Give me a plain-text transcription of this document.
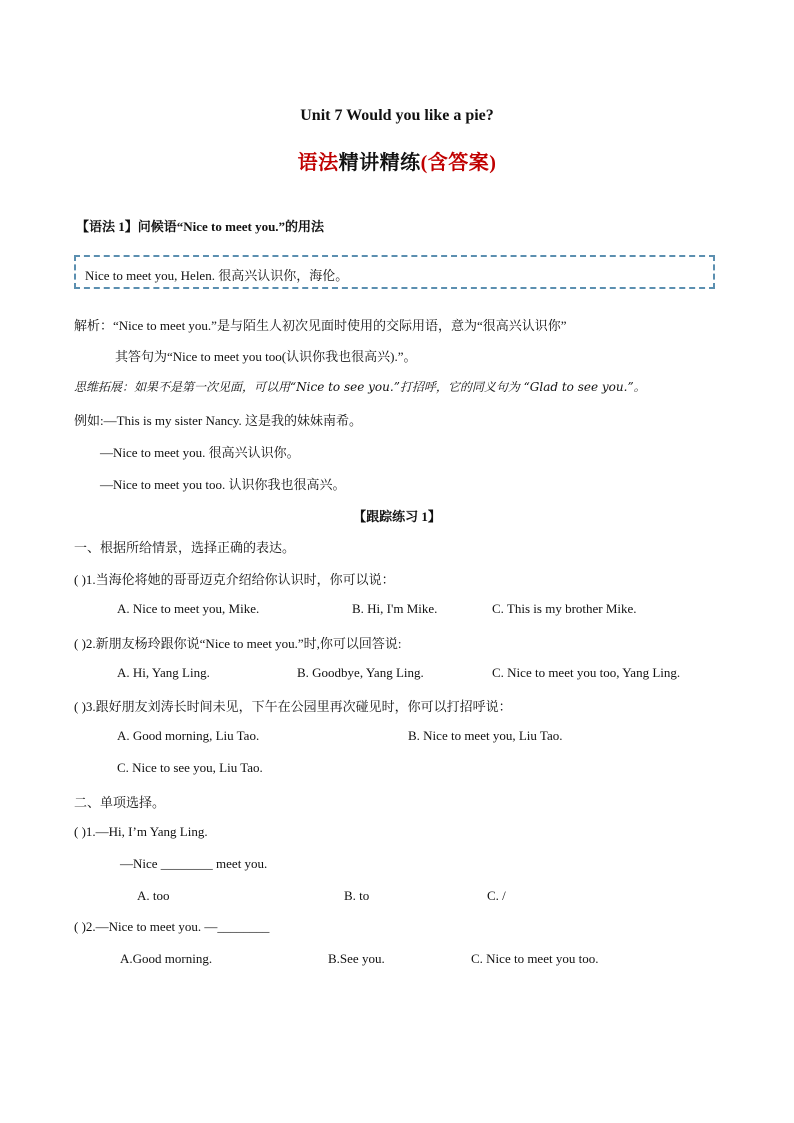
Unit 7 Would you like a pie?
语法精讲精练(含答案)
【语法 1】问候语“Nice to meet you.”的用法
Nice to meet you, Helen. 很高兴认识你，海伦。
解析：“Nice to meet you.”是与陌生人初次见面时使用的交际用语，意为“很高兴认识你”
其答句为“Nice to meet you too(认识你我也很高兴).”。
思维拓展：如果不是第一次见面，可以用“Nice to see you.”打招呼，它的同义句为 “Glad to see you.”。
例如:—This is my sister Nancy. 这是我的妹妹南希。
—Nice to meet you. 很高兴认识你。
—Nice to meet you too. 认识你我也很高兴。
【跟踪练习 1】
一、根据所给情景，选择正确的表达。
( )1.当海伦将她的哥哥迈克介绍给你认识时，你可以说：
A. Nice to meet you, Mike.	B. Hi, I'm Mike.	C. This is my brother Mike.
( )2.新朋友杨玲跟你说“Nice to meet you.”时,你可以回答说:
A. Hi, Yang Ling.	B. Goodbye, Yang Ling.	C. Nice to meet you too, Yang Ling.
( )3.跟好朋友刘涛长时间未见，下午在公园里再次碰见时，你可以打招呼说：
A. Good morning, Liu Tao.	B. Nice to meet you, Liu Tao.
C. Nice to see you, Liu Tao.
二、单项选择。
( )1.—Hi, I’m Yang Ling.
—Nice ________ meet you.
A. too	B. to	C. /
( )2.—Nice to meet you. —________
A.Good morning.	B.See you.	C. Nice to meet you too.
